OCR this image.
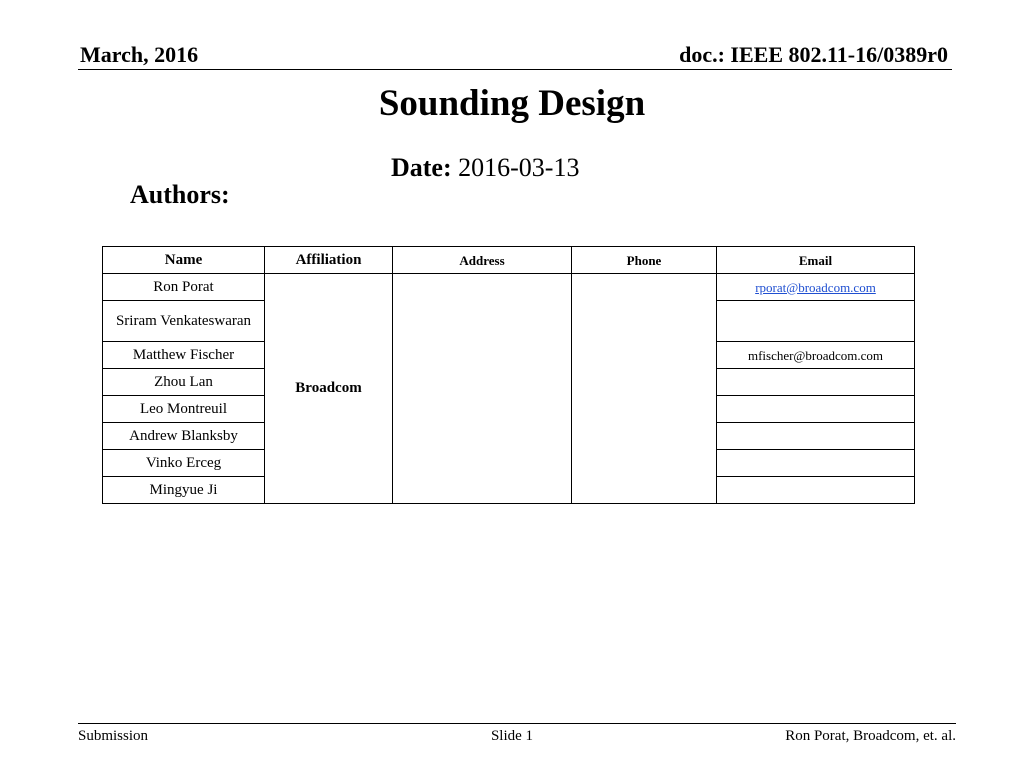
March, 2016	doc.: IEEE 802.11-16/0389r0
Sounding Design
Date: 2016-03-13
Authors:
Name	Affiliation	Address	Phone	Email
Ron Porat	Broadcom			rporat@broadcom.com
Sriram Venkateswaran				
Matthew Fischer				mfischer@broadcom.com
Zhou Lan				
Leo Montreuil				
Andrew Blanksby				
Vinko Erceg				
Mingyue Ji				
Submission	Slide 1	Ron Porat, Broadcom, et. al.
